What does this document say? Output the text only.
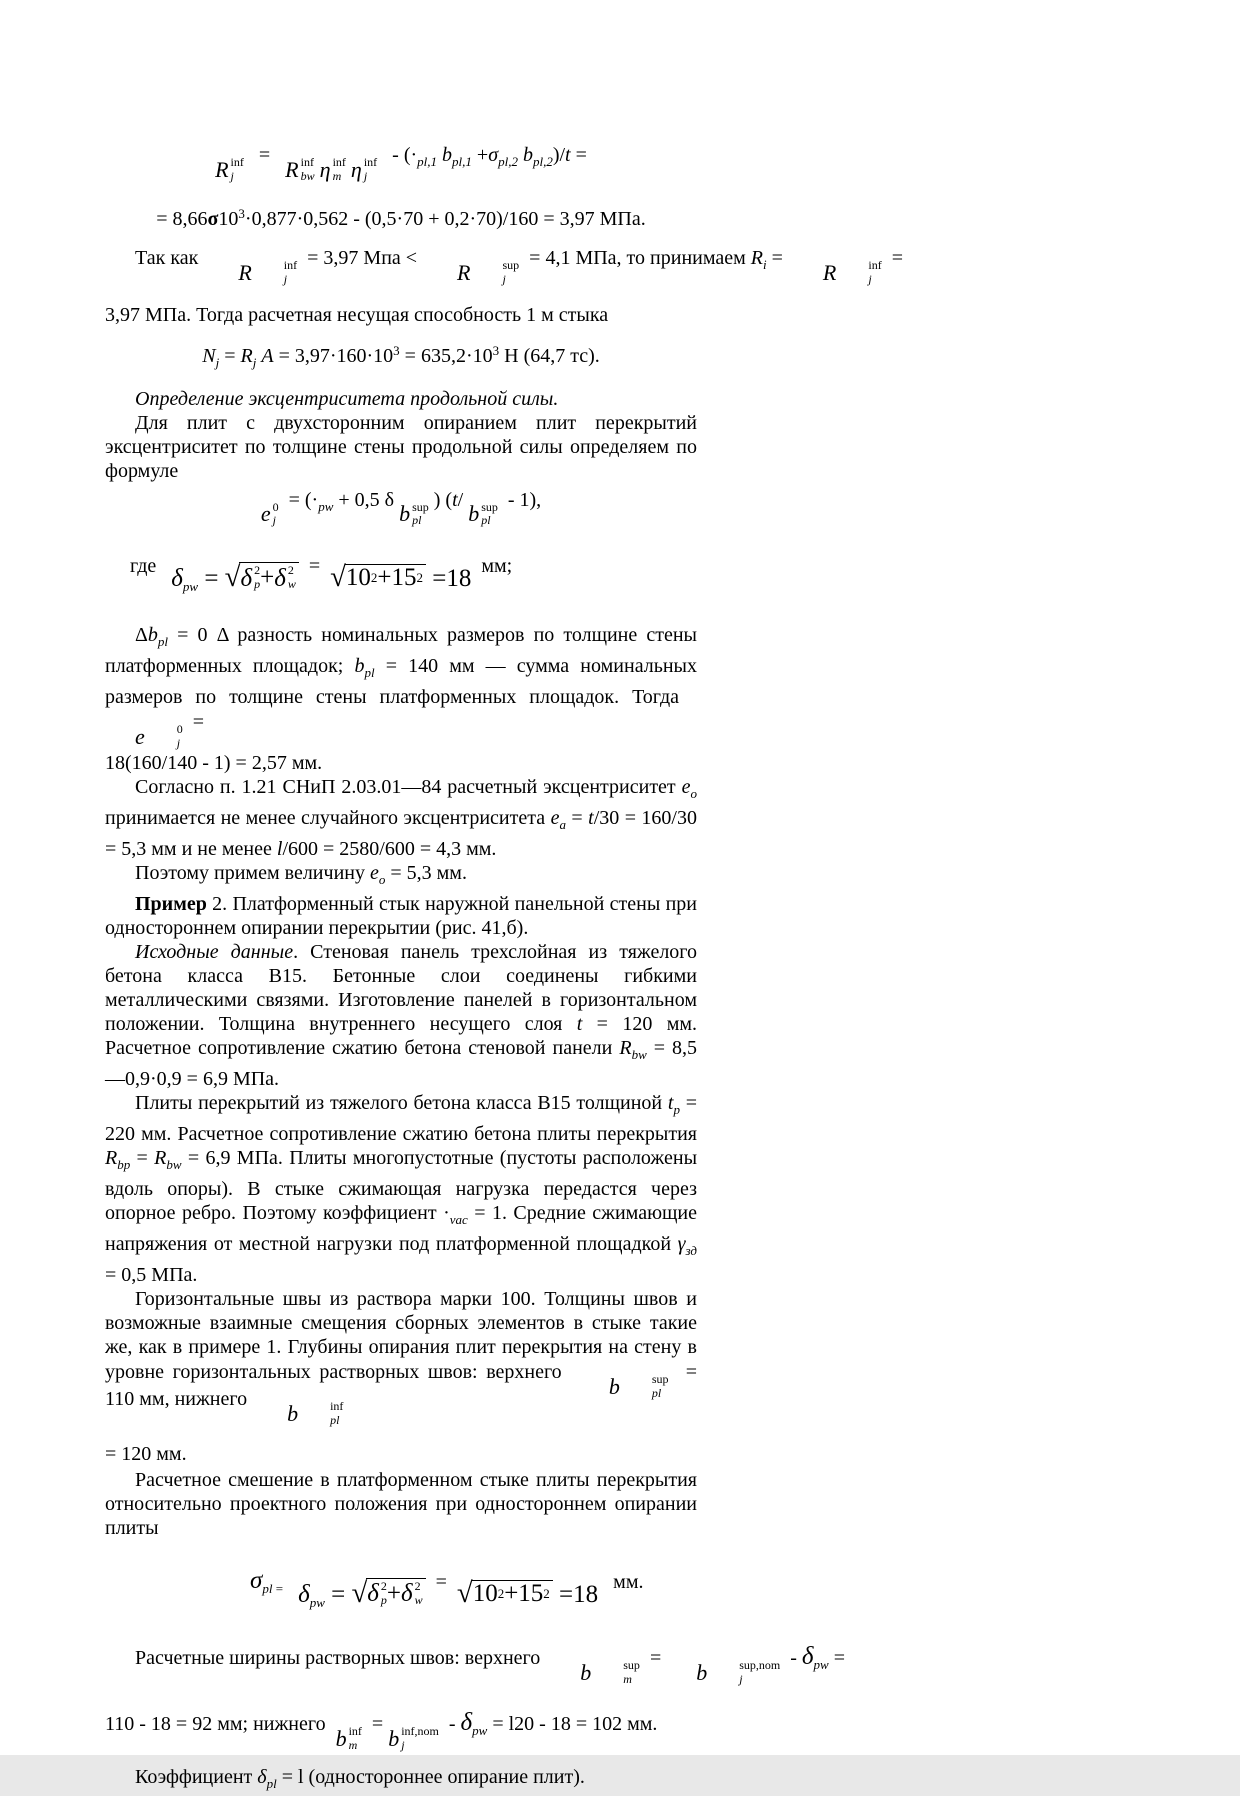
R inf
j
=
R inf
bw
η inf
m
η inf
j
- ($\cdot_{pl,1}$ $b_{pl,1} +\sigma_{pl,2}$ $b_{pl,2})/t$ =
= $8,66\sigma 10^3\cdot 0,877\cdot 0,562 - (0,5\cdot 70 + 0,2\cdot 70)/160 = 3,97$ МПа.
Так как
R	inf
j
= 3,97 Мпа <
R	sup
j
= 4,1 МПа, то принимаем $R_i$ =
R	inf
j
=
3,97 МПа. Тогда расчетная несущая способность 1 м стыка
$N_j = R_j$ $A = 3,97\cdot 160\cdot 10^3 = 635,2\cdot 10^3$ Н (64,7 тс).

Определение эксцентриситета продольной силы.

Для плит с двухсторонним опиранием плит перекрытий эксцентриситет по толщине стены продольной силы определяем по формуле

e 0
j
= ($\cdot_{pw} + 0,5$ δ
b sup
pl
) (t/
b sup
pl
- 1),
где   $\delta_{pw}$ = √ δ 2
p + δ 2
w
= √ 10 2 +15 2 =18  мм;

$\Delta b_{pl} = 0$ Δ разность номинальных размеров по толщине стены платформенных площадок; $b_{pl} = 140$ мм — сумма номинальных размеров по толщине стены платформенных площадок. Тогда
e	0
j
=

18(160/140 - 1) = 2,57 мм.

Согласно п. 1.21 СНиП 2.03.01—84 расчетный эксцентриситет $e_o$ принимается не менее случайного эксцентриситета $e_a = t/30 = 160/30 = 5,3$ мм и не менее l/600 = 2580/600 = 4,3 мм.

Поэтому примем величину $e_o = 5,3$ мм.

Пример 2. Платформенный стык наружной панельной стены при одностороннем опирании перекрытии (рис. 41,б).

Исходные данные. Стеновая панель трехслойная из тяжелого бетона класса В15. Бетонные слои соединены гибкими металлическими связями. Изготовление панелей в горизонтальном положении. Толщина внутреннего несущего слоя t = 120 мм. Расчетное сопротивление сжатию бетона стеновой панели $R_{bw}$ = 8,5—0,9·0,9 = 6,9 МПа.

Плиты перекрытий из тяжелого бетона класса В15 толщиной $t_p = 220$ мм. Расчетное сопротивление сжатию бетона плиты перекрытия $R_{bp} = R_{bw} = 6,9$ МПа. Плиты многопустотные (пустоты расположены вдоль опоры). В стыке сжимающая нагрузка передастся через опорное ребро. Поэтому коэффициент $\cdot_{vac} = 1$. Средние сжимающие напряжения от местной нагрузки под платформенной площадкой $\gamma_{зд} = 0,5$ МПа.

Горизонтальные швы из раствора марки 100. Толщины швов и возможные взаимные смещения сборных элементов в стыке такие же, как в примере 1. Глубины опирания плит перекрытия на стену в уровне горизонтальных растворных швов: верхнего
b	sup
pl
= 110 мм, нижнего
b	inf
pl

= 120 мм.

Расчетное смешение в платформенном стыке плиты перекрытия относительно проектного положения при одностороннем опирании плиты

$\sigma_{pl}$ $_=$ $\delta_{pw}$ = √ δ 2
p + δ 2
w
= √ 10 2 +15 2 =18   мм.
Расчетные ширины растворных швов: верхнего
b	sup
m
=
b	sup,nom
j
- $\delta_{pw}$ =
110 - 18 = 92 мм; нижнего
b inf
m
=
b inf,nom
j
- $\delta_{pw} = l20 - 18 = 102$ мм.

Коэффициент $\delta_{pl} = l$ (одностороннее опирание плит).
